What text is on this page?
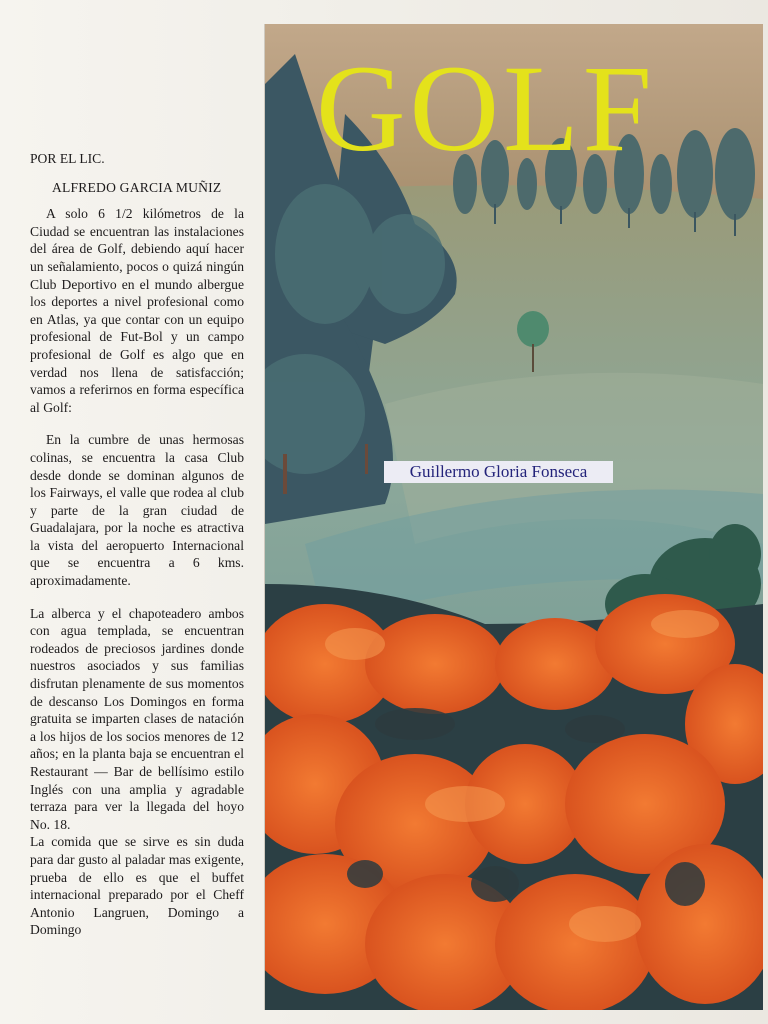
POR EL LIC.

ALFREDO GARCIA MUÑIZ

A solo 6 1/2 kilómetros de la Ciudad se encuentran las instalaciones del área de Golf, debiendo aquí hacer un señalamiento, pocos o quizá ningún Club Deportivo en el mundo albergue los deportes a nivel profesional como en Atlas, ya que contar con un equipo profesional de Fut-Bol y un campo profesional de Golf es algo que en verdad nos llena de satisfacción; vamos a referirnos en forma específica al Golf:

En la cumbre de unas hermosas colinas, se encuentra la casa Club desde donde se dominan algunos de los Fairways, el valle que rodea al club y parte de la gran ciudad de Guadalajara, por la noche es atractiva la vista del aeropuerto Internacional que se encuentra a 6 kms. aproximadamente.

La alberca y el chapoteadero ambos con agua templada, se encuentran rodeados de preciosos jardines donde nuestros asociados y sus familias disfrutan plenamente de sus momentos de descanso Los Domingos en forma gratuita se imparten clases de natación a los hijos de los socios menores de 12 años; en la planta baja se encuentran el Restaurant — Bar de bellísimo estilo Inglés con una amplia y agradable terraza para ver la llegada del hoyo No. 18.

La comida que se sirve es sin duda para dar gusto al paladar mas exigente, prueba de ello es que el buffet internacional preparado por el Cheff Antonio Langruen, Domingo a Domingo

GOLF
Guillermo Gloria Fonseca
